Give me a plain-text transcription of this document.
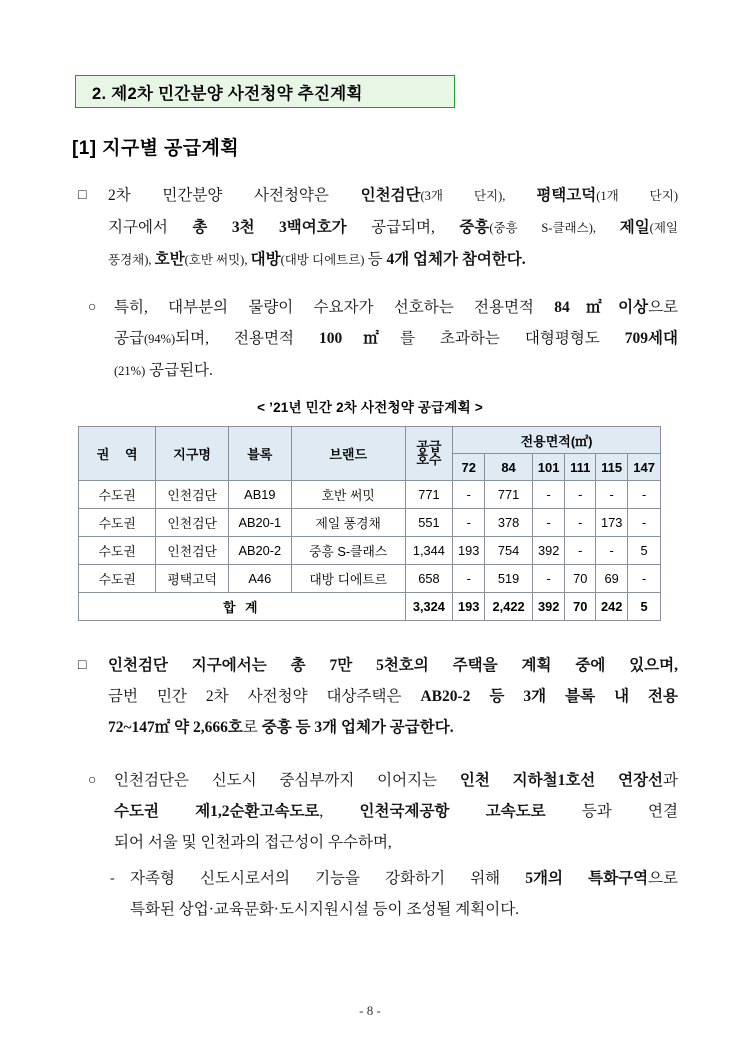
2. 제2차 민간분양 사전청약 추진계획
[1] 지구별 공급계획
□ 2차 민간분양 사전청약은 인천검단(3개 단지), 평택고덕(1개 단지)
지구에서 총 3천 3백여호가 공급되며, 중흥(중흥 S-클래스), 제일(제일
풍경채), 호반(호반 써밋), 대방(대방 디에트르) 등 4개 업체가 참여한다.
○ 특히, 대부분의 물량이 수요자가 선호하는 전용면적 84㎡이상으로
공급(94%)되며, 전용면적 100㎡를 초과하는 대형평형도 709세대
(21%) 공급된다.
< ’21년 민간 2차 사전청약 공급계획 >
권 역	지구명	블록	브랜드	공급
호수	전용면적(㎡)					
					72	84	101	111	115	147
수도권	인천검단	AB19	호반 써밋	771	-	771	-	-	-	-
수도권	인천검단	AB20-1	제일 풍경채	551	-	378	-	-	173	-
수도권	인천검단	AB20-2	중흥 S-클래스	1,344	193	754	392	-	-	5
수도권	평택고덕	A46	대방 디에트르	658	-	519	-	70	69	-
합 계				3,324	193	2,422	392	70	242	5
□ 인천검단 지구에서는 총 7만 5천호의 주택을 계획 중에 있으며,
금번 민간 2차 사전청약 대상주택은 AB20-2 등 3개 블록 내 전용
72~147㎡ 약 2,666호로 중흥 등 3개 업체가 공급한다.
○ 인천검단은 신도시 중심부까지 이어지는 인천 지하철1호선 연장선과
수도권 제1,2순환고속도로, 인천국제공항 고속도로 등과 연결
되어 서울 및 인천과의 접근성이 우수하며,
- 자족형 신도시로서의 기능을 강화하기 위해 5개의 특화구역으로
특화된 상업·교육문화·도시지원시설 등이 조성될 계획이다.
- 8 -
